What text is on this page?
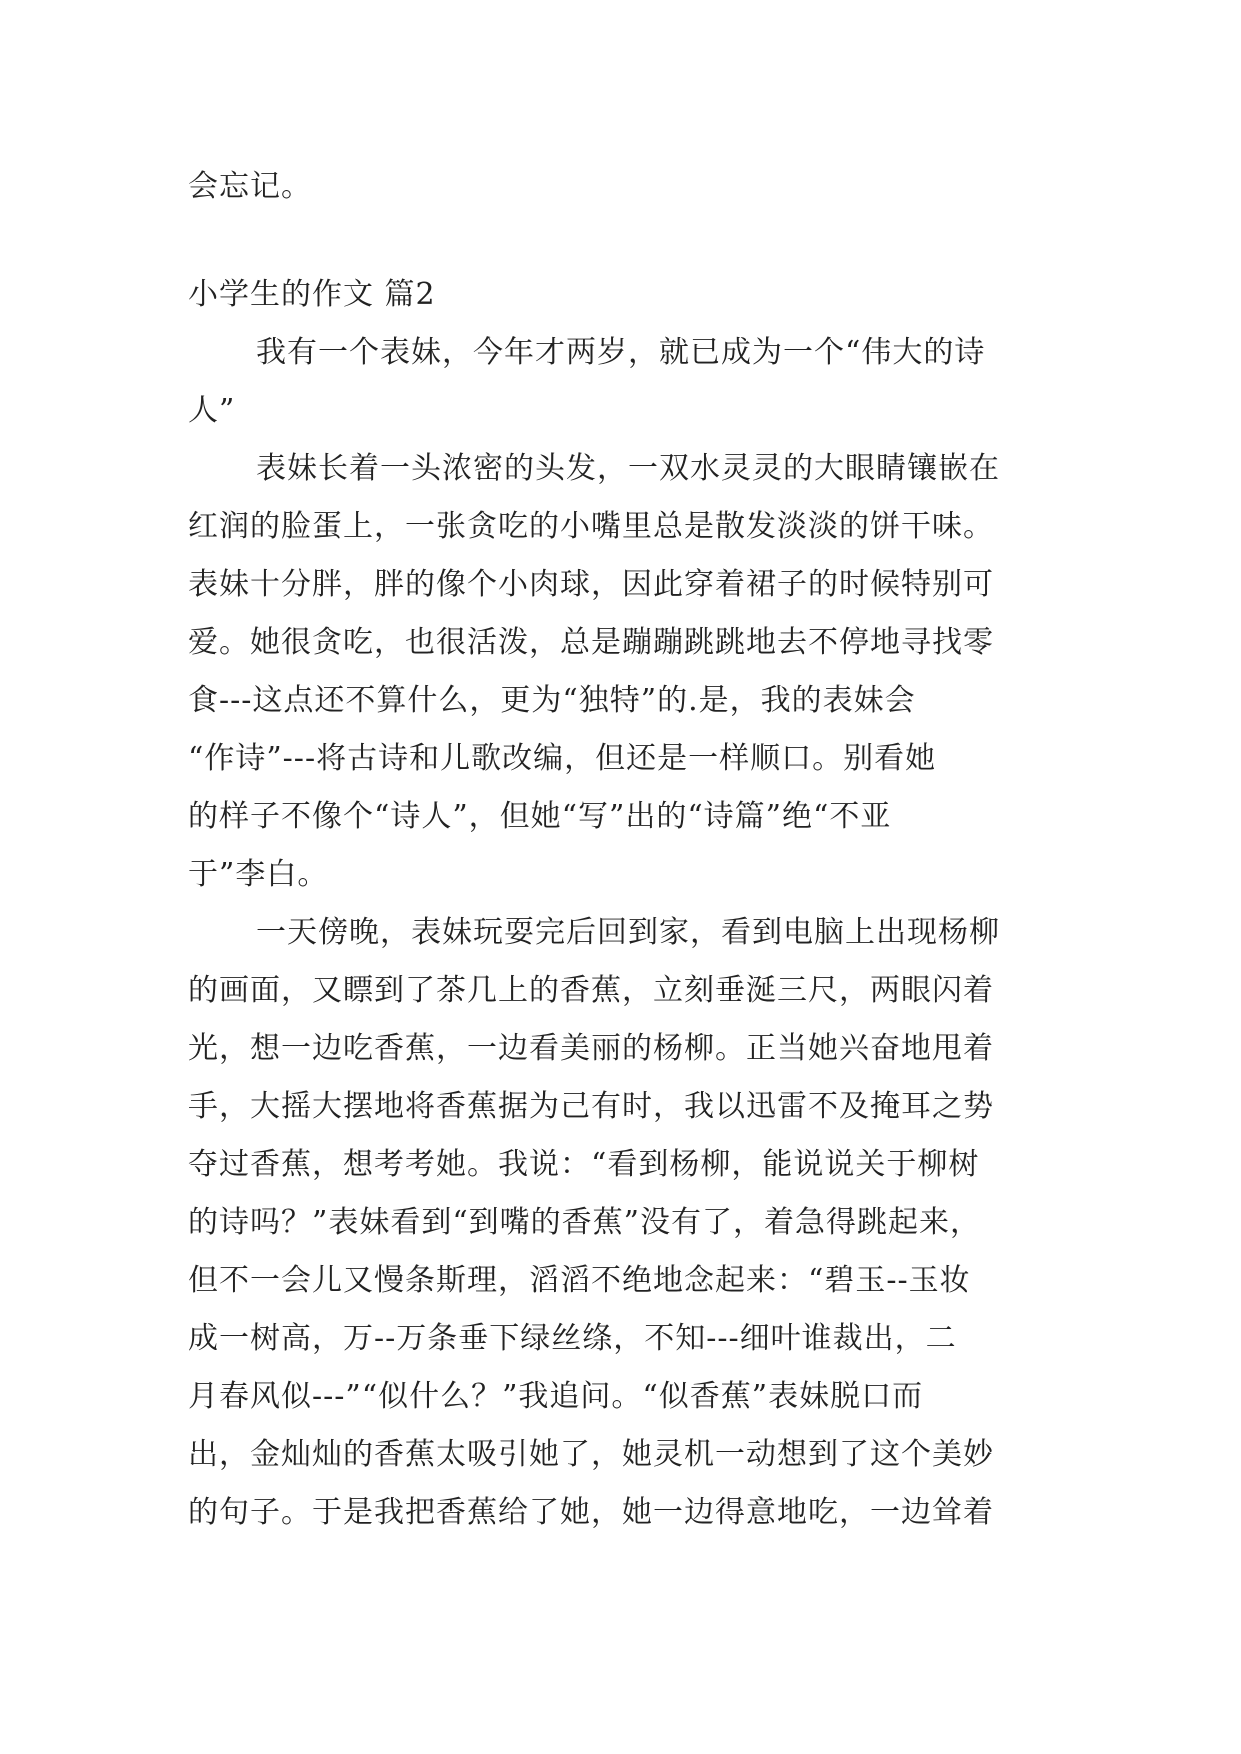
会忘记。
小学生的作文 篇2
我有一个表妹，今年才两岁，就已成为一个“伟大的诗
人”
表妹长着一头浓密的头发，一双水灵灵的大眼睛镶嵌在
红润的脸蛋上，一张贪吃的小嘴里总是散发淡淡的饼干味。
表妹十分胖，胖的像个小肉球，因此穿着裙子的时候特别可
爱。她很贪吃，也很活泼，总是蹦蹦跳跳地去不停地寻找零
食---这点还不算什么，更为“独特”的.是，我的表妹会
“作诗”---将古诗和儿歌改编，但还是一样顺口。别看她
的样子不像个“诗人”，但她“写”出的“诗篇”绝“不亚
于”李白。
一天傍晚，表妹玩耍完后回到家，看到电脑上出现杨柳
的画面，又瞟到了茶几上的香蕉，立刻垂涎三尺，两眼闪着
光，想一边吃香蕉，一边看美丽的杨柳。正当她兴奋地甩着
手，大摇大摆地将香蕉据为己有时，我以迅雷不及掩耳之势
夺过香蕉，想考考她。我说：“看到杨柳，能说说关于柳树
的诗吗？”表妹看到“到嘴的香蕉”没有了，着急得跳起来，
但不一会儿又慢条斯理，滔滔不绝地念起来：“碧玉--玉妆
成一树高，万--万条垂下绿丝绦，不知---细叶谁裁出，二
月春风似---”“似什么？”我追问。“似香蕉”表妹脱口而
出，金灿灿的香蕉太吸引她了，她灵机一动想到了这个美妙
的句子。于是我把香蕉给了她，她一边得意地吃，一边耸着
